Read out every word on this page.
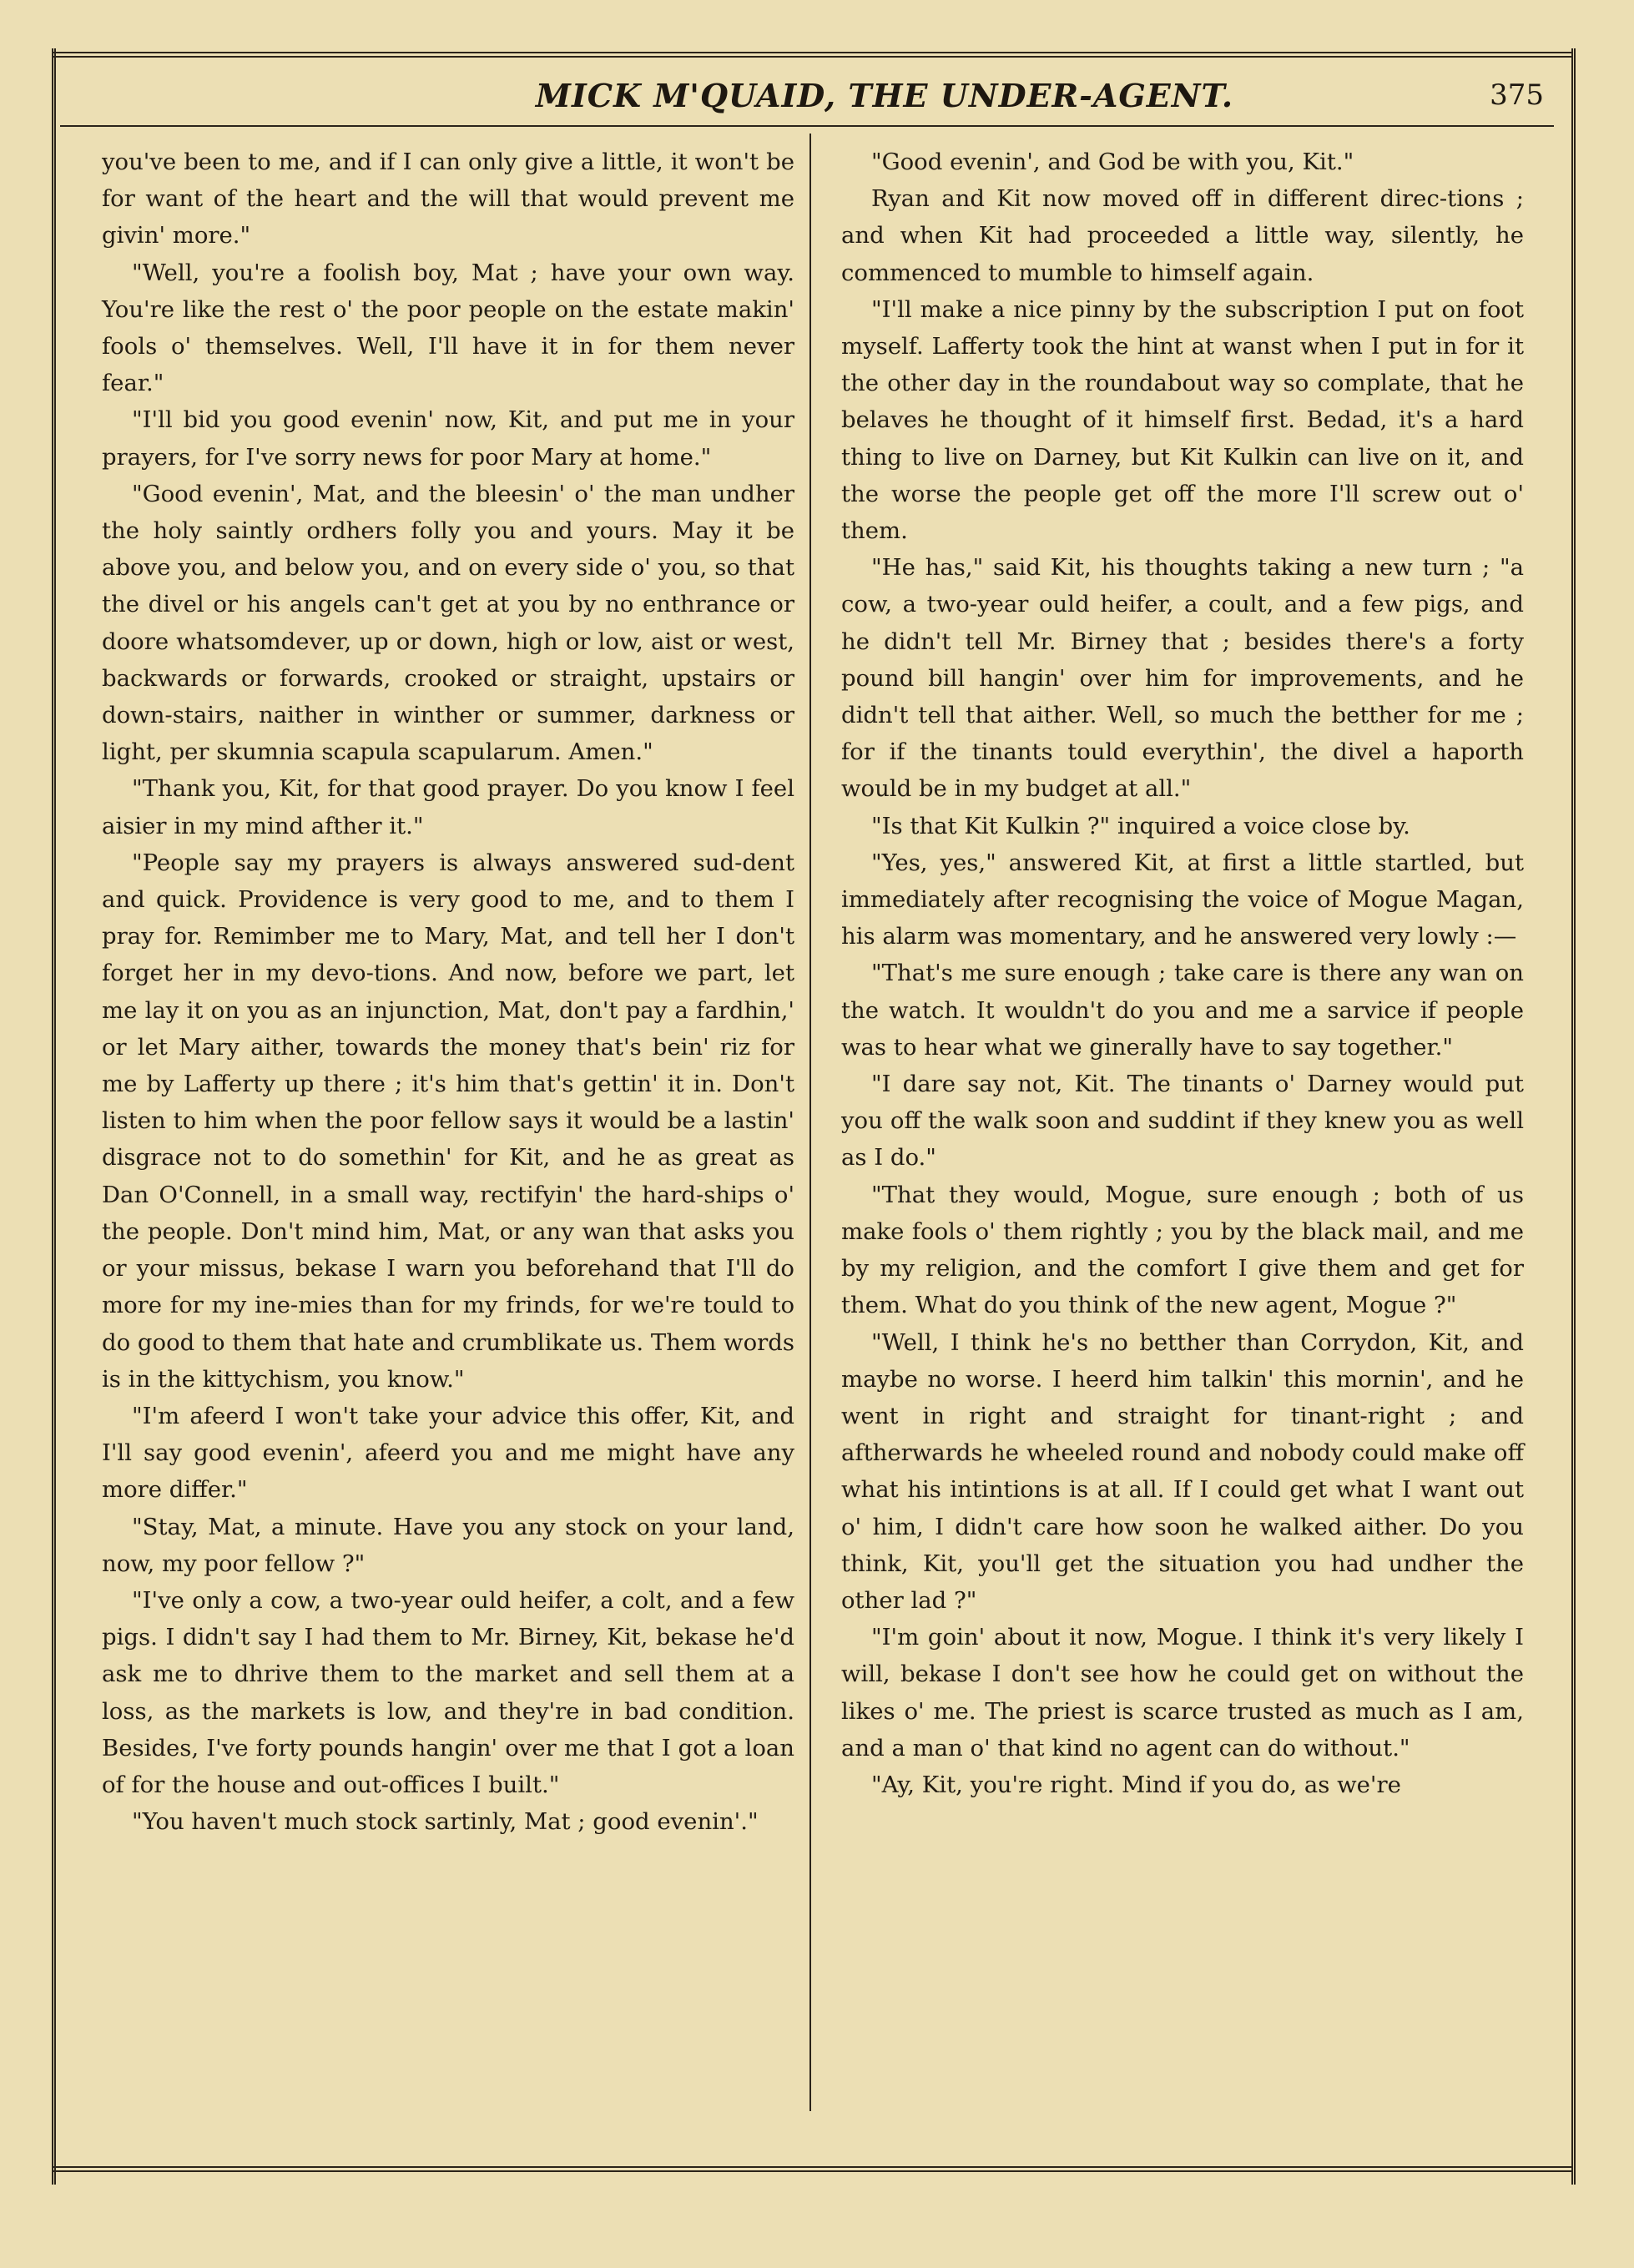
MICK M'QUAID, THE UNDER-AGENT.	375

you've been to me, and if I can only give a little, it won't be for want of the heart and the will that would prevent me givin' more."

"Well, you're a foolish boy, Mat ; have your own way. You're like the rest o' the poor people on the estate makin' fools o' themselves. Well, I'll have it in for them never fear."

"I'll bid you good evenin' now, Kit, and put me in your prayers, for I've sorry news for poor Mary at home."

"Good evenin', Mat, and the bleesin' o' the man undher the holy saintly ordhers folly you and yours. May it be above you, and below you, and on every side o' you, so that the divel or his angels can't get at you by no enthrance or doore whatsomdever, up or down, high or low, aist or west, backwards or forwards, crooked or straight, upstairs or down-stairs, naither in winther or summer, darkness or light, per skumnia scapula scapularum. Amen."

"Thank you, Kit, for that good prayer. Do you know I feel aisier in my mind afther it."

"People say my prayers is always answered sud-dent and quick. Providence is very good to me, and to them I pray for. Remimber me to Mary, Mat, and tell her I don't forget her in my devo-tions. And now, before we part, let me lay it on you as an injunction, Mat, don't pay a fardhin,' or let Mary aither, towards the money that's bein' riz for me by Lafferty up there ; it's him that's gettin' it in. Don't listen to him when the poor fellow says it would be a lastin' disgrace not to do somethin' for Kit, and he as great as Dan O'Connell, in a small way, rectifyin' the hard-ships o' the people. Don't mind him, Mat, or any wan that asks you or your missus, bekase I warn you beforehand that I'll do more for my ine-mies than for my frinds, for we're tould to do good to them that hate and crumblikate us. Them words is in the kittychism, you know."

"I'm afeerd I won't take your advice this offer, Kit, and I'll say good evenin', afeerd you and me might have any more differ."

"Stay, Mat, a minute. Have you any stock on your land, now, my poor fellow ?"

"I've only a cow, a two-year ould heifer, a colt, and a few pigs. I didn't say I had them to Mr. Birney, Kit, bekase he'd ask me to dhrive them to the market and sell them at a loss, as the markets is low, and they're in bad condition. Besides, I've forty pounds hangin' over me that I got a loan of for the house and out-offices I built."

"You haven't much stock sartinly, Mat ; good evenin'."

"Good evenin', and God be with you, Kit."

Ryan and Kit now moved off in different direc-tions ; and when Kit had proceeded a little way, silently, he commenced to mumble to himself again.

"I'll make a nice pinny by the subscription I put on foot myself. Lafferty took the hint at wanst when I put in for it the other day in the roundabout way so complate, that he belaves he thought of it himself first. Bedad, it's a hard thing to live on Darney, but Kit Kulkin can live on it, and the worse the people get off the more I'll screw out o' them.

"He has," said Kit, his thoughts taking a new turn ; "a cow, a two-year ould heifer, a coult, and a few pigs, and he didn't tell Mr. Birney that ; besides there's a forty pound bill hangin' over him for improvements, and he didn't tell that aither. Well, so much the betther for me ; for if the tinants tould everythin', the divel a haporth would be in my budget at all."

"Is that Kit Kulkin ?" inquired a voice close by.

"Yes, yes," answered Kit, at first a little startled, but immediately after recognising the voice of Mogue Magan, his alarm was momentary, and he answered very lowly :—

"That's me sure enough ; take care is there any wan on the watch. It wouldn't do you and me a sarvice if people was to hear what we ginerally have to say together."

"I dare say not, Kit. The tinants o' Darney would put you off the walk soon and suddint if they knew you as well as I do."

"That they would, Mogue, sure enough ; both of us make fools o' them rightly ; you by the black mail, and me by my religion, and the comfort I give them and get for them. What do you think of the new agent, Mogue ?"

"Well, I think he's no betther than Corrydon, Kit, and maybe no worse. I heerd him talkin' this mornin', and he went in right and straight for tinant-right ; and aftherwards he wheeled round and nobody could make off what his intintions is at all. If I could get what I want out o' him, I didn't care how soon he walked aither. Do you think, Kit, you'll get the situation you had undher the other lad ?"

"I'm goin' about it now, Mogue. I think it's very likely I will, bekase I don't see how he could get on without the likes o' me. The priest is scarce trusted as much as I am, and a man o' that kind no agent can do without."

"Ay, Kit, you're right. Mind if you do, as we're
